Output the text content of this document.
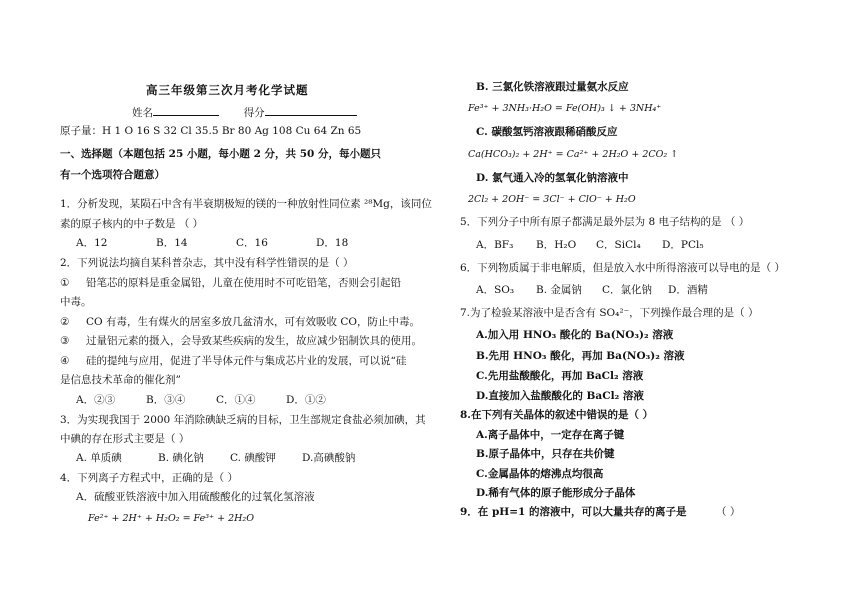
高三年级第三次月考化学试题
姓名	得分
原子量：H 1 O 16 S 32 Cl 35.5 Br 80 Ag 108 Cu 64 Zn 65
一、选择题（本题包括 25 小题，每小题 2 分，共 50 分，每小题只
有一个选项符合题意）
1．分析发现，某陨石中含有半衰期极短的镁的一种放射性同位素 ²⁸Mg，该同位
素的原子核内的中子数是 （ ）
A．12	B．14	C．16	D．18
2．下列说法均摘自某科普杂志，其中没有科学性错误的是（ ）
① 铅笔芯的原料是重金属铅，儿童在使用时不可吃铅笔，否则会引起铅
中毒。
② CO 有毒，生有煤火的居室多放几盆清水，可有效吸收 CO，防止中毒。
③ 过量铝元素的摄入，会导致某些疾病的发生，故应减少铝制饮具的使用。
④ 硅的提纯与应用，促进了半导体元件与集成芯片业的发展，可以说“硅
是信息技术革命的催化剂”
A．②③	B．③④	C．①④	D．①②
3．为实现我国于 2000 年消除碘缺乏病的目标，卫生部规定食盐必须加碘，其
中碘的存在形式主要是（ ）
A. 单质碘	B. 碘化钠 C. 碘酸钾 D.高碘酸钠
4．下列离子方程式中，正确的是（ ）
A．硫酸亚铁溶液中加入用硫酸酸化的过氧化氢溶液
Fe²⁺ + 2H⁺ + H₂O₂ = Fe³⁺ + 2H₂O
B. 三氯化铁溶液跟过量氨水反应
Fe³⁺ + 3NH₃·H₂O = Fe(OH)₃ ↓ + 3NH₄⁺
C. 碳酸氢钙溶液跟稀硝酸反应
Ca(HCO₃)₂ + 2H⁺ = Ca²⁺ + 2H₂O + 2CO₂ ↑
D. 氯气通入冷的氢氧化钠溶液中
2Cl₂ + 2OH⁻ = 3Cl⁻ + ClO⁻ + H₂O
5．下列分子中所有原子都满足最外层为 8 电子结构的是 （ ）
A．BF₃ B．H₂O C．SiCl₄ D．PCl₅
6．下列物质属于非电解质，但是放入水中所得溶液可以导电的是（ ）
A．SO₃ B. 金属钠 C．氯化钠 D．酒精
7.为了检验某溶液中是否含有 SO₄²⁻，下列操作最合理的是（ ）
A.加入用 HNO₃ 酸化的 Ba(NO₃)₂ 溶液
B.先用 HNO₃ 酸化，再加 Ba(NO₃)₂ 溶液
C.先用盐酸酸化，再加 BaCl₂ 溶液
D.直接加入盐酸酸化的 BaCl₂ 溶液
8.在下列有关晶体的叙述中错误的是（ ）
A.离子晶体中，一定存在离子键
B.原子晶体中，只存在共价键
C.金属晶体的熔沸点均很高
D.稀有气体的原子能形成分子晶体
9．在 pH=1 的溶液中，可以大量共存的离子是	（ ）
